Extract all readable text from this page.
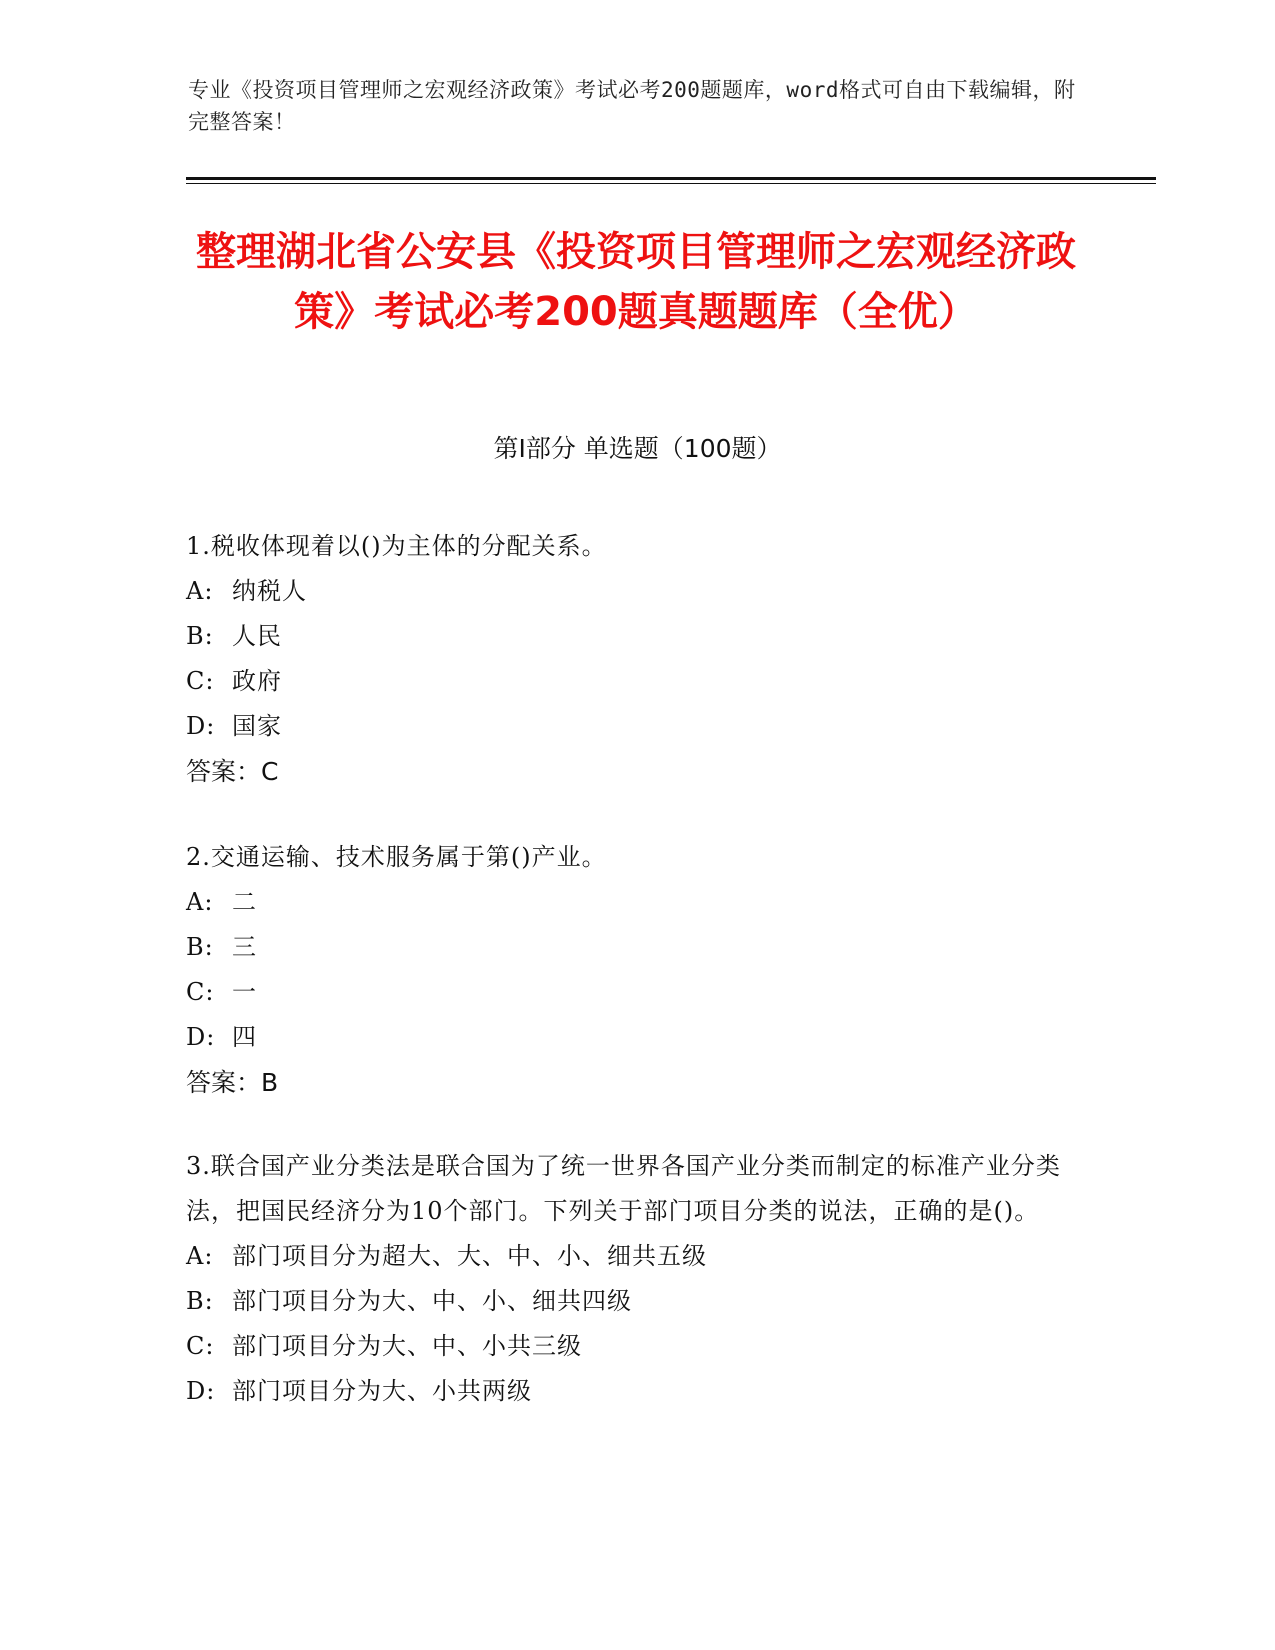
专业《投资项目管理师之宏观经济政策》考试必考200题题库，word格式可自由下载编辑，附完整答案！
整理湖北省公安县《投资项目管理师之宏观经济政策》考试必考200题真题题库（全优）
第Ⅰ部分 单选题（100题）
1.税收体现着以()为主体的分配关系。
A: 纳税人
B: 人民
C: 政府
D: 国家
答案：C
2.交通运输、技术服务属于第()产业。
A: 二
B: 三
C: 一
D: 四
答案：B
3.联合国产业分类法是联合国为了统一世界各国产业分类而制定的标准产业分类法，把国民经济分为10个部门。下列关于部门项目分类的说法，正确的是()。
A: 部门项目分为超大、大、中、小、细共五级
B: 部门项目分为大、中、小、细共四级
C: 部门项目分为大、中、小共三级
D: 部门项目分为大、小共两级
